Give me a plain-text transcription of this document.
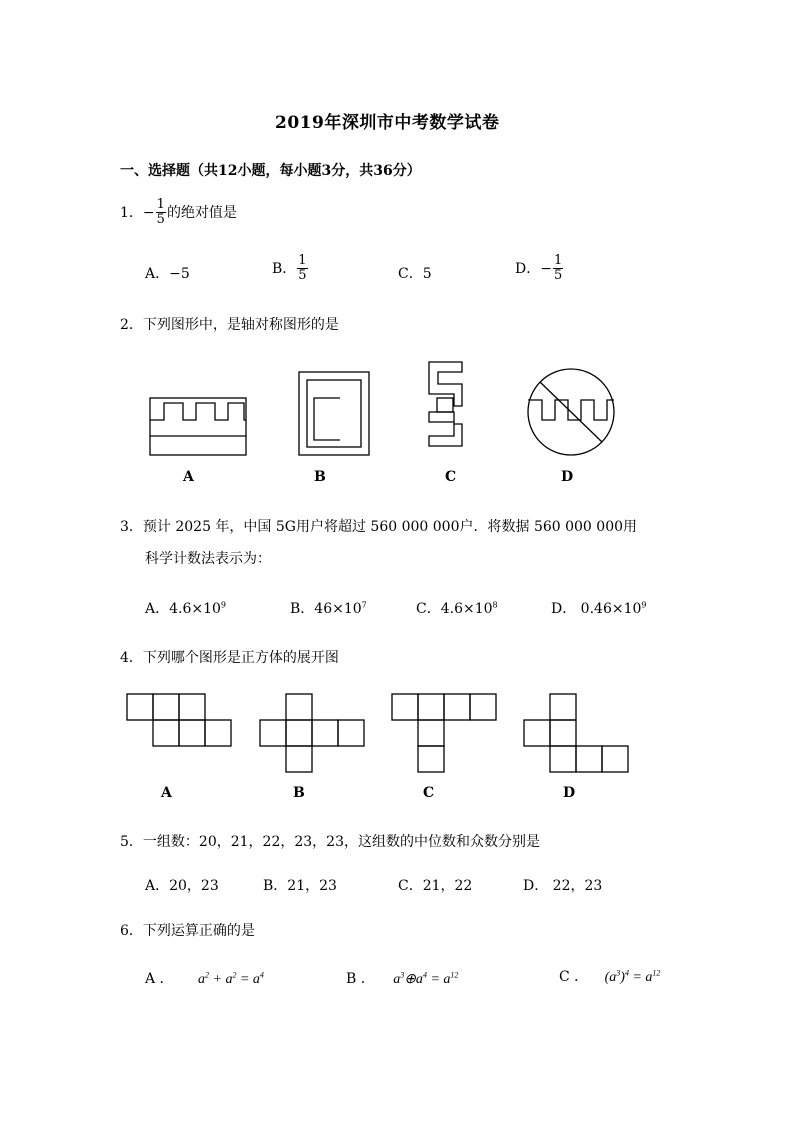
2019年深圳市中考数学试卷
一、选择题（共12小题，每小题3分，共36分）
1．− $\frac{1}{5}$ 的绝对值是
A．−5	B． $\frac{1}{5}$	C．5	D．− $\frac{1}{5}$
2．下列图形中，是轴对称图形的是
A	B	C	D
3．预计 2025 年，中国 5G用户将超过 560 000 000户．将数据 560 000 000用
科学计数法表示为：
A．$4.6\times 10^9$	B．$46\times 10^7$	C．$4.6\times 10^8$	D． $0.46\times 10^9$
4．下列哪个图形是正方体的展开图
A	B	C	D
5．一组数：20，21，22，23，23，这组数的中位数和众数分别是
A．20，23	B．21，23	C．21，22	D． 22，23
6．下列运算正确的是
A ． $a^2 + a^2 = a^4$	B ． $a^3\oplus a^4 = a^{12}$	C ． $(a^3)^4 = a^{12}$
